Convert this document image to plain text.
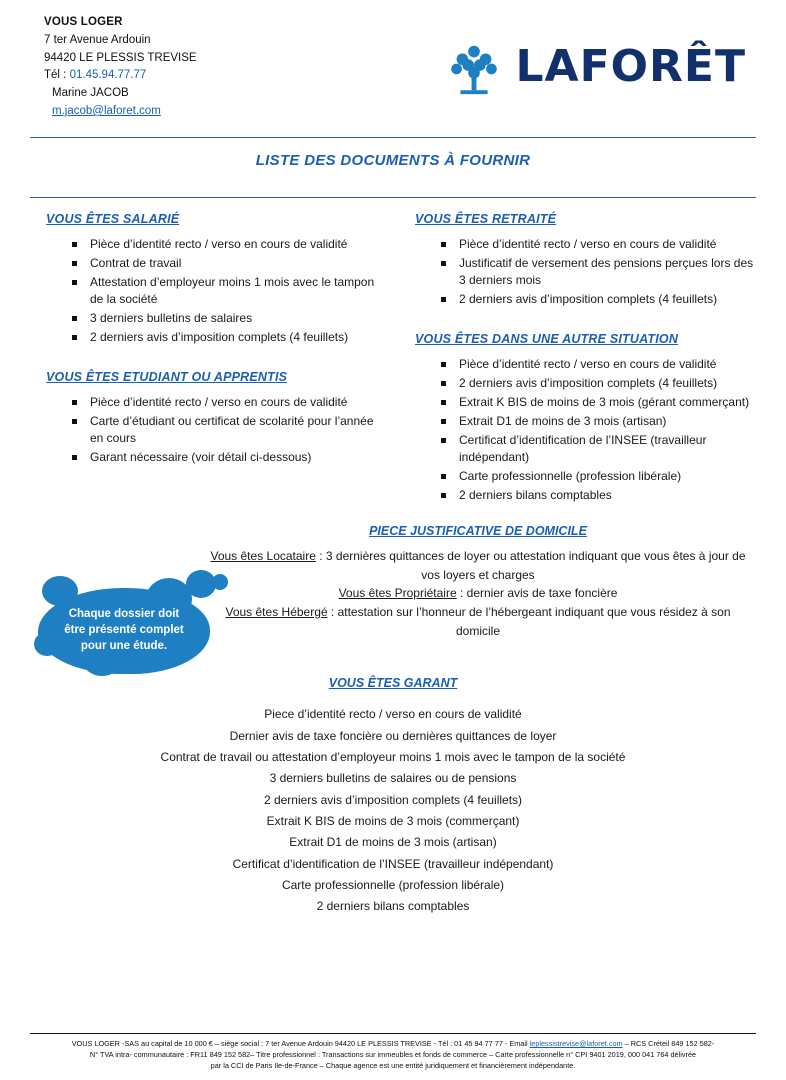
VOUS LOGER
7 ter Avenue Ardouin
94420 LE PLESSIS TREVISE
Tél : 01.45.94.77.77
Marine JACOB
m.jacob@laforet.com
LAFORÊT
LISTE DES DOCUMENTS À FOURNIR
VOUS ÊTES SALARIÉ
Pièce d’identité recto / verso en cours de validité
Contrat de travail
Attestation d’employeur moins 1 mois avec le tampon de la société
3 derniers bulletins de salaires
2 derniers avis d’imposition complets (4 feuillets)
VOUS ÊTES ETUDIANT OU APPRENTIS
Pièce d’identité recto / verso en cours de validité
Carte d’étudiant ou certificat de scolarité pour l’année en cours
Garant nécessaire (voir détail ci-dessous)
VOUS ÊTES RETRAITÉ
Pièce d’identité recto / verso en cours de validité
Justificatif de versement des pensions perçues lors des 3 derniers mois
2 derniers avis d’imposition complets (4 feuillets)
VOUS ÊTES DANS UNE AUTRE SITUATION
Pièce d’identité recto / verso en cours de validité
2 derniers avis d’imposition complets (4 feuillets)
Extrait K BIS de moins de 3 mois (gérant commerçant)
Extrait D1 de moins de 3 mois (artisan)
Certificat d’identification de l’INSEE (travailleur indépendant)
Carte professionnelle (profession libérale)
2 derniers bilans comptables
Chaque dossier doit être présenté complet pour une étude.
PIECE JUSTIFICATIVE DE DOMICILE
Vous êtes Locataire : 3 dernières quittances de loyer ou attestation indiquant que vous êtes à jour de vos loyers et charges
Vous êtes Propriétaire : dernier avis de taxe foncière
Vous êtes Hébergé : attestation sur l’honneur de l’hébergeant indiquant que vous résidez à son domicile
VOUS ÊTES GARANT
Piece d’identité recto / verso en cours de validité
Dernier avis de taxe foncière ou dernières quittances de loyer
Contrat de travail ou attestation d’employeur moins 1 mois avec le tampon de la société
3 derniers bulletins de salaires ou de pensions
2 derniers avis d’imposition complets (4 feuillets)
Extrait K BIS de moins de 3 mois (commerçant)
Extrait D1 de moins de 3 mois (artisan)
Certificat d’identification de l’INSEE (travailleur indépendant)
Carte professionnelle (profession libérale)
2 derniers bilans comptables
VOUS LOGER -SAS au capital de 10 000 € – siège social : 7 ter Avenue Ardouin 94420 LE PLESSIS TREVISE - Tél : 01 45 94 77 77 - Email leplessistrevise@laforet.com – RCS Créteil 849 152 582-
N° TVA intra- communautaire : FR11 849 152 582– Titre professionnel : Transactions sur immeubles et fonds de commerce – Carte professionnelle n° CPI 9401 2019, 000 041 764 délivrée
par la CCI de Paris Ile-de-France – Chaque agence est une entité juridiquement et financièrement indépendante.
